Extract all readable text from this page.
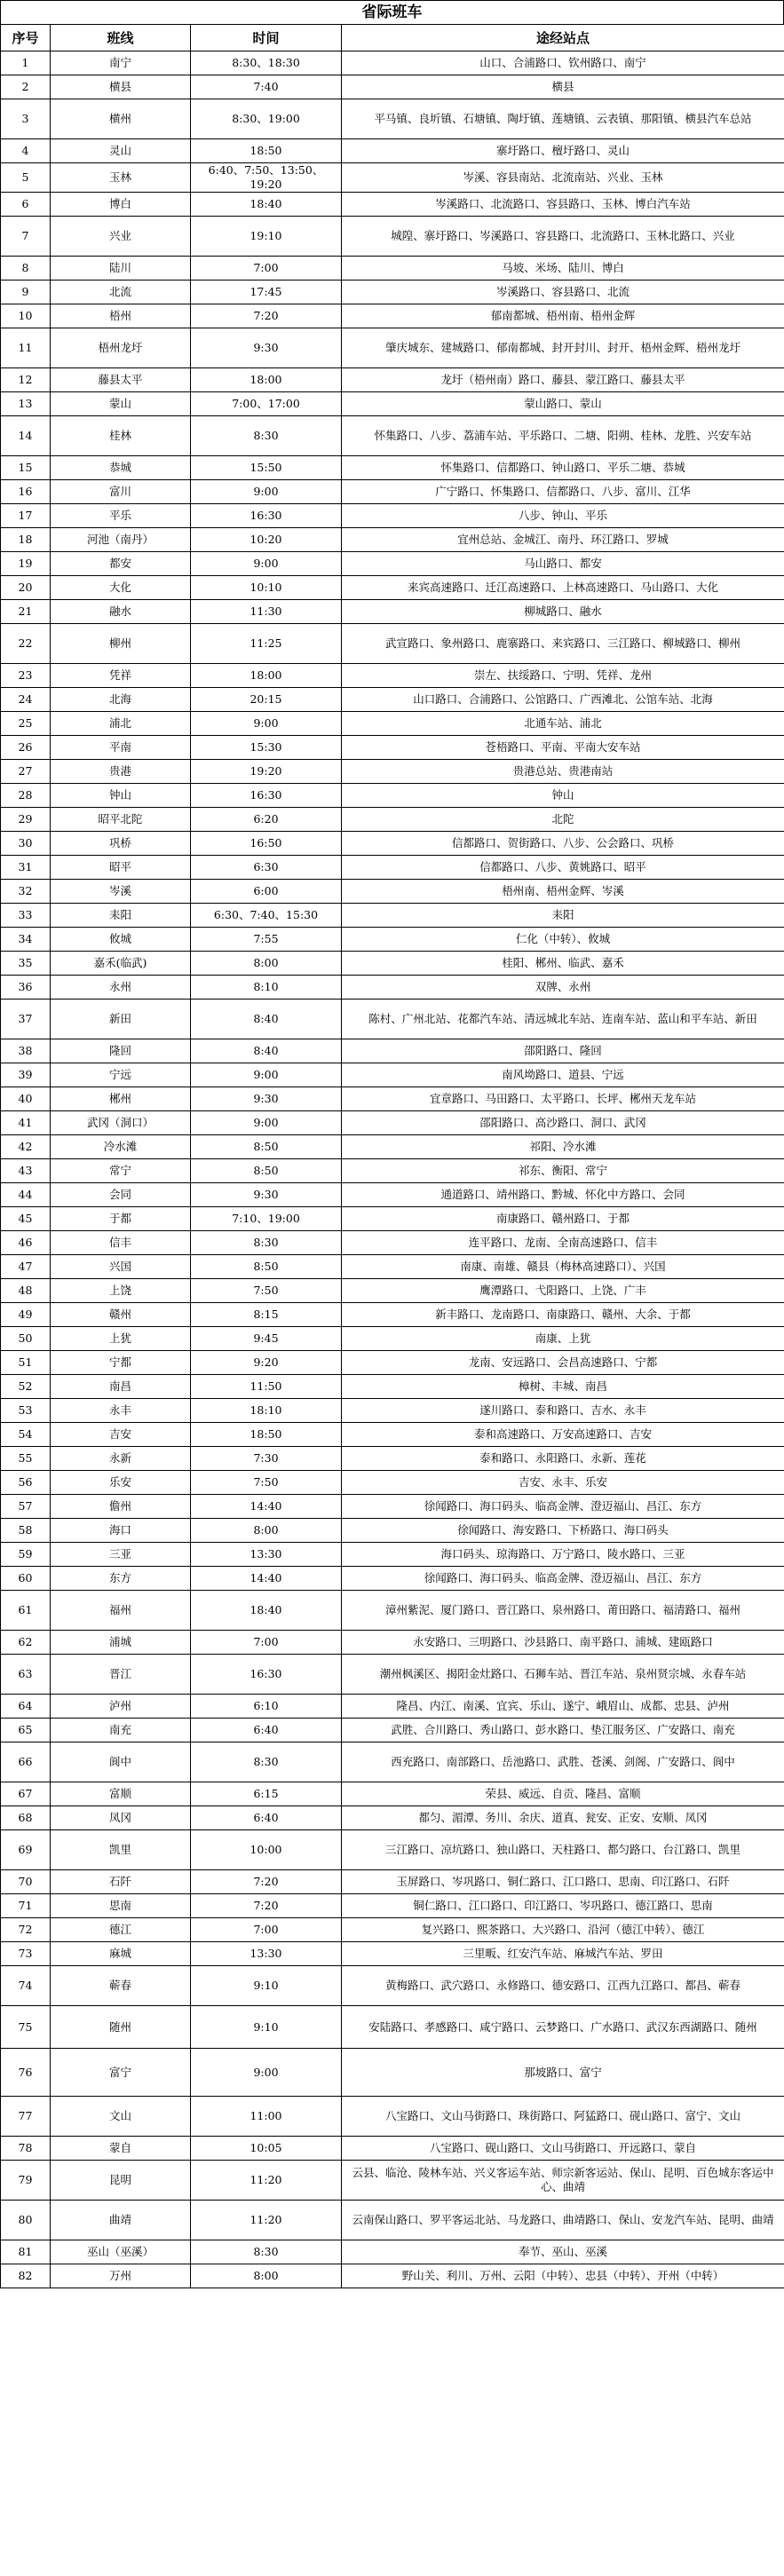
省际班车
序号	班线	时间	途经站点
1	南宁	8:30、18:30	山口、合浦路口、钦州路口、南宁
2	横县	7:40	横县
3	横州	8:30、19:00	平马镇、良圻镇、石塘镇、陶圩镇、莲塘镇、云表镇、那阳镇、横县汽车总站
4	灵山	18:50	寨圩路口、檀圩路口、灵山
5	玉林	6:40、7:50、13:50、19:20	岑溪、容县南站、北流南站、兴业、玉林
6	博白	18:40	岑溪路口、北流路口、容县路口、玉林、博白汽车站
7	兴业	19:10	城隍、寨圩路口、岑溪路口、容县路口、北流路口、玉林北路口、兴业
8	陆川	7:00	马坡、米场、陆川、博白
9	北流	17:45	岑溪路口、容县路口、北流
10	梧州	7:20	郁南都城、梧州南、梧州金辉
11	梧州龙圩	9:30	肇庆城东、建城路口、郁南都城、封开封川、封开、梧州金辉、梧州龙圩
12	藤县太平	18:00	龙圩（梧州南）路口、藤县、蒙江路口、藤县太平
13	蒙山	7:00、17:00	蒙山路口、蒙山
14	桂林	8:30	怀集路口、八步、荔浦车站、平乐路口、二塘、阳朔、桂林、龙胜、兴安车站
15	恭城	15:50	怀集路口、信都路口、钟山路口、平乐二塘、恭城
16	富川	9:00	广宁路口、怀集路口、信都路口、八步、富川、江华
17	平乐	16:30	八步、钟山、平乐
18	河池（南丹）	10:20	宜州总站、金城江、南丹、环江路口、罗城
19	都安	9:00	马山路口、都安
20	大化	10:10	来宾高速路口、迁江高速路口、上林高速路口、马山路口、大化
21	融水	11:30	柳城路口、融水
22	柳州	11:25	武宣路口、象州路口、鹿寨路口、来宾路口、三江路口、柳城路口、柳州
23	凭祥	18:00	崇左、扶绥路口、宁明、凭祥、龙州
24	北海	20:15	山口路口、合浦路口、公馆路口、广西滩北、公馆车站、北海
25	浦北	9:00	北通车站、浦北
26	平南	15:30	苍梧路口、平南、平南大安车站
27	贵港	19:20	贵港总站、贵港南站
28	钟山	16:30	钟山
29	昭平北陀	6:20	北陀
30	巩桥	16:50	信都路口、贺街路口、八步、公会路口、巩桥
31	昭平	6:30	信都路口、八步、黄姚路口、昭平
32	岑溪	6:00	梧州南、梧州金辉、岑溪
33	耒阳	6:30、7:40、15:30	耒阳
34	攸城	7:55	仁化（中转）、攸城
35	嘉禾(临武)	8:00	桂阳、郴州、临武、嘉禾
36	永州	8:10	双牌、永州
37	新田	8:40	陈村、广州北站、花都汽车站、清远城北车站、连南车站、蓝山和平车站、新田
38	隆回	8:40	邵阳路口、隆回
39	宁远	9:00	南风坳路口、道县、宁远
40	郴州	9:30	宜章路口、马田路口、太平路口、长坪、郴州天龙车站
41	武冈（洞口）	9:00	邵阳路口、高沙路口、洞口、武冈
42	冷水滩	8:50	祁阳、冷水滩
43	常宁	8:50	祁东、衡阳、常宁
44	会同	9:30	通道路口、靖州路口、黔城、怀化中方路口、会同
45	于都	7:10、19:00	南康路口、赣州路口、于都
46	信丰	8:30	连平路口、龙南、全南高速路口、信丰
47	兴国	8:50	南康、南雄、赣县（梅林高速路口）、兴国
48	上饶	7:50	鹰潭路口、弋阳路口、上饶、广丰
49	赣州	8:15	新丰路口、龙南路口、南康路口、赣州、大余、于都
50	上犹	9:45	南康、上犹
51	宁都	9:20	龙南、安远路口、会昌高速路口、宁都
52	南昌	11:50	樟树、丰城、南昌
53	永丰	18:10	遂川路口、泰和路口、吉水、永丰
54	吉安	18:50	泰和高速路口、万安高速路口、吉安
55	永新	7:30	泰和路口、永阳路口、永新、莲花
56	乐安	7:50	吉安、永丰、乐安
57	儋州	14:40	徐闻路口、海口码头、临高金牌、澄迈福山、昌江、东方
58	海口	8:00	徐闻路口、海安路口、下桥路口、海口码头
59	三亚	13:30	海口码头、琼海路口、万宁路口、陵水路口、三亚
60	东方	14:40	徐闻路口、海口码头、临高金牌、澄迈福山、昌江、东方
61	福州	18:40	漳州紫泥、厦门路口、晋江路口、泉州路口、莆田路口、福清路口、福州
62	浦城	7:00	永安路口、三明路口、沙县路口、南平路口、浦城、建瓯路口
63	晋江	16:30	潮州枫溪区、揭阳金灶路口、石狮车站、晋江车站、泉州贤宗城、永春车站
64	泸州	6:10	隆昌、内江、南溪、宜宾、乐山、遂宁、峨眉山、成都、忠县、泸州
65	南充	6:40	武胜、合川路口、秀山路口、彭水路口、垫江服务区、广安路口、南充
66	阆中	8:30	西充路口、南部路口、岳池路口、武胜、苍溪、剑阁、广安路口、阆中
67	富顺	6:15	荣县、威远、自贡、隆昌、富顺
68	凤冈	6:40	都匀、湄潭、务川、余庆、道真、瓮安、正安、安顺、凤冈
69	凯里	10:00	三江路口、凉坑路口、独山路口、天柱路口、都匀路口、台江路口、凯里
70	石阡	7:20	玉屏路口、岑巩路口、铜仁路口、江口路口、思南、印江路口、石阡
71	思南	7:20	铜仁路口、江口路口、印江路口、岑巩路口、德江路口、思南
72	德江	7:00	复兴路口、熙茶路口、大兴路口、沿河（德江中转）、德江
73	麻城	13:30	三里畈、红安汽车站、麻城汽车站、罗田
74	蕲春	9:10	黄梅路口、武穴路口、永修路口、德安路口、江西九江路口、都昌、蕲春
75	随州	9:10	安陆路口、孝感路口、咸宁路口、云梦路口、广水路口、武汉东西湖路口、随州
76	富宁	9:00	那坡路口、富宁
77	文山	11:00	八宝路口、文山马街路口、珠街路口、阿猛路口、砚山路口、富宁、文山
78	蒙自	10:05	八宝路口、砚山路口、文山马街路口、开远路口、蒙自
79	昆明	11:20	云县、临沧、陵林车站、兴义客运车站、师宗新客运站、保山、昆明、百色城东客运中心、曲靖
80	曲靖	11:20	云南保山路口、罗平客运北站、马龙路口、曲靖路口、保山、安龙汽车站、昆明、曲靖
81	巫山（巫溪）	8:30	奉节、巫山、巫溪
82	万州	8:00	野山关、利川、万州、云阳（中转）、忠县（中转）、开州（中转）
